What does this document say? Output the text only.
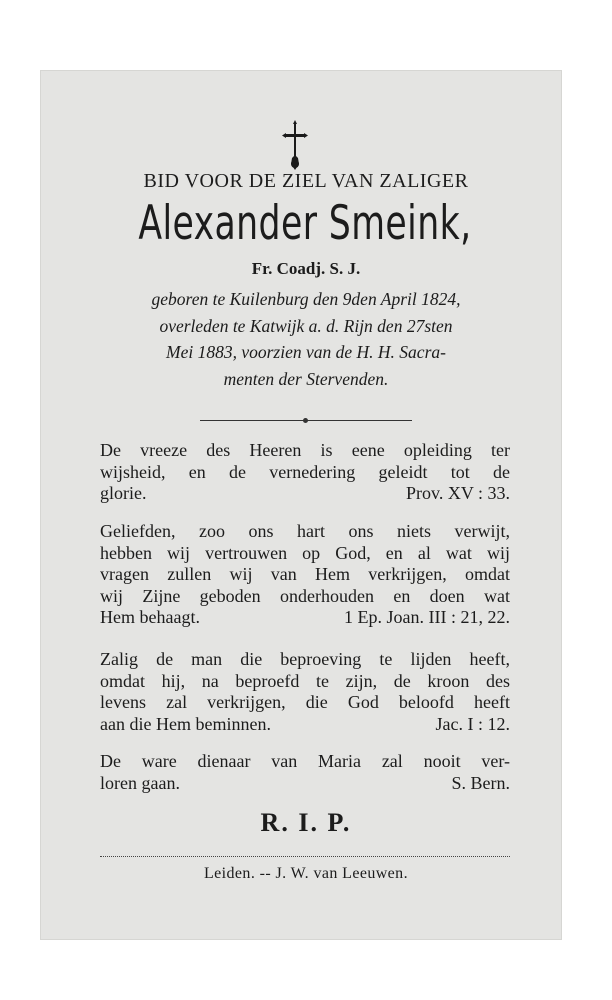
BID VOOR DE ZIEL VAN ZALIGER
Alexander Smeink,
Fr. Coadj. S. J.
geboren te Kuilenburg den 9den April 1824,
overleden te Katwijk a. d. Rijn den 27sten
Mei 1883, voorzien van de H. H. Sacra-
menten der Stervenden.
De vreeze des Heeren is eene opleiding ter
wijsheid, en de vernedering geleidt tot de
glorie.	Prov. XV : 33.
Geliefden, zoo ons hart ons niets verwijt,
hebben wij vertrouwen op God, en al wat wij
vragen zullen wij van Hem verkrijgen, omdat
wij Zijne geboden onderhouden en doen wat
Hem behaagt.	1 Ep. Joan. III : 21, 22.
Zalig de man die beproeving te lijden heeft,
omdat hij, na beproefd te zijn, de kroon des
levens zal verkrijgen, die God beloofd heeft
aan die Hem beminnen.	Jac. I : 12.
De ware dienaar van Maria zal nooit ver-
loren gaan.	S. Bern.
R. I. P.
Leiden. -- J. W. van Leeuwen.
